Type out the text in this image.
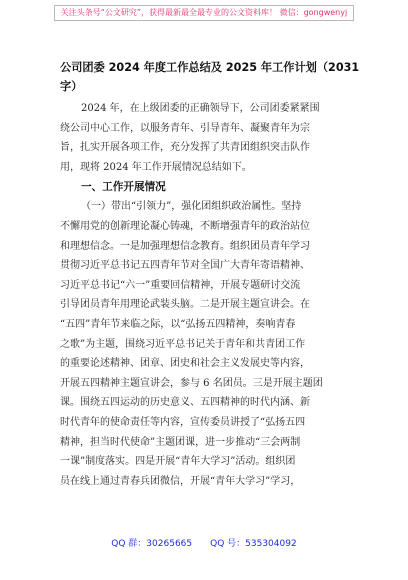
关注头条号“公文研究”，获得最新最全最专业的公文资料库！ 微信：gongwenyj
公司团委 2024 年度工作总结及 2025 年工作计划（2031
字）
2024 年，在上级团委的正确领导下，公司团委紧紧围
绕公司中心工作，以服务青年、引导青年、凝聚青年为宗
旨，扎实开展各项工作，充分发挥了共青团组织突击队作
用，现将 2024 年工作开展情况总结如下。
一、工作开展情况
（一）带出“引领力”，强化团组织政治属性。坚持
不懈用党的创新理论凝心铸魂，不断增强青年的政治站位
和理想信念。一是加强理想信念教育。组织团员青年学习
贯彻习近平总书记五四青年节对全国广大青年寄语精神、
习近平总书记“六一”重要回信精神，开展专题研讨交流
引导团员青年用理论武装头脑。二是开展主题宣讲会。在
“五四”青年节来临之际，以“弘扬五四精神，奏响青春
之歌”为主题，围绕习近平总书记关于青年和共青团工作
的重要论述精神、团章、团史和社会主义发展史等内容，
开展五四精神主题宣讲会，参与 6 名团员。三是开展主题团
课。围绕五四运动的历史意义、五四精神的时代内涵、新
时代青年的使命责任等内容，宣传委员讲授了“弘扬五四
精神，担当时代使命”主题团课，进一步推动“三会两制
一课”制度落实。四是开展“青年大学习”活动。组织团
员在线上通过青春兵团微信，开展“青年大学习”学习，
QQ 群：30265665 QQ 号：535304092
